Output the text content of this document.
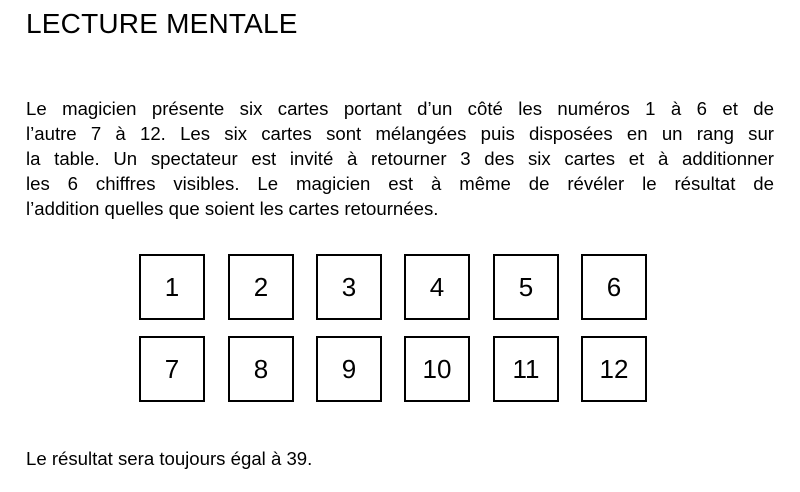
LECTURE MENTALE
Le magicien présente six cartes portant d’un côté les numéros 1 à 6 et de
l’autre 7 à 12. Les six cartes sont mélangées puis disposées en un rang sur
la table. Un spectateur est invité à retourner 3 des six cartes et à additionner
les 6 chiffres visibles. Le magicien est à même de révéler le résultat de
l’addition quelles que soient les cartes retournées.
1	2	3	4	5	6
7	8	9	10	11	12
Le résultat sera toujours égal à 39.
